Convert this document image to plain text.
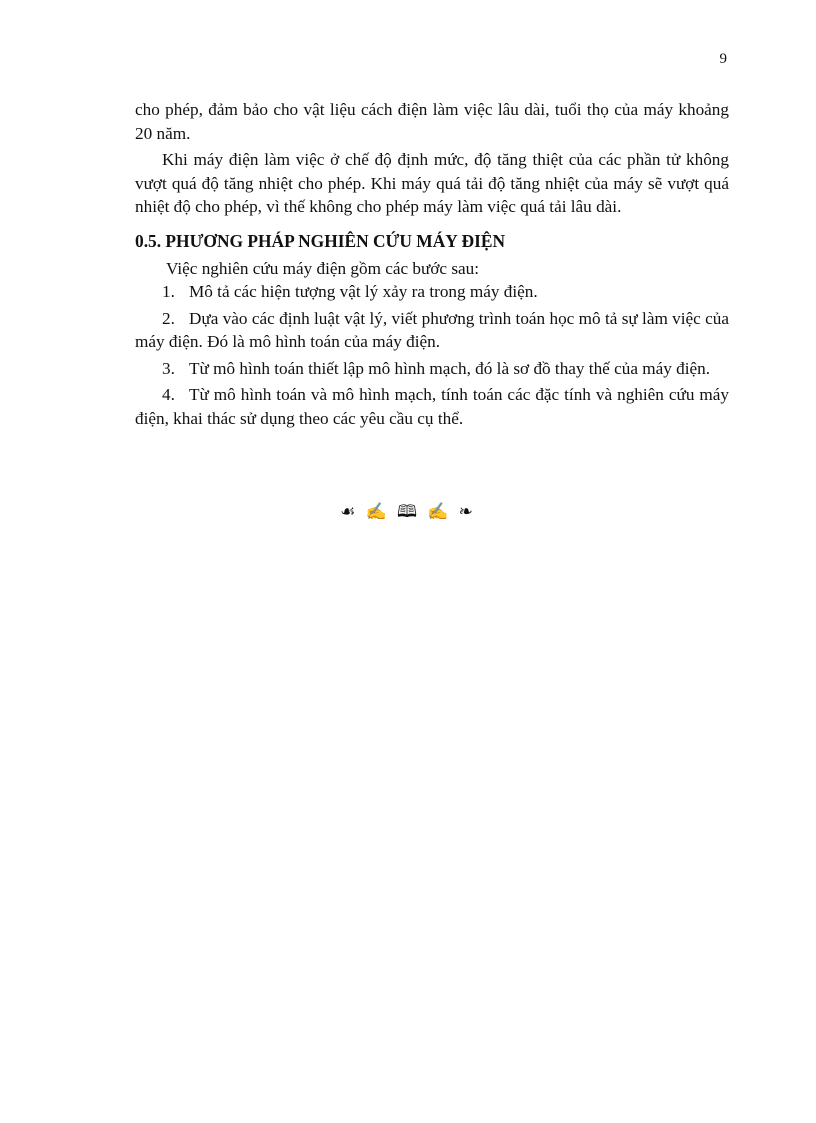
9

cho phép, đảm bảo cho vật liệu cách điện làm việc lâu dài, tuổi thọ của máy khoảng 20 năm.

Khi máy điện làm việc ở chế độ định mức, độ tăng thiệt của các phần tử không vượt quá độ tăng nhiệt cho phép. Khi máy quá tải độ tăng nhiệt của máy sẽ vượt quá nhiệt độ cho phép, vì thế không cho phép máy làm việc quá tải lâu dài.

0.5. PHƯƠNG PHÁP NGHIÊN CỨU MÁY ĐIỆN

Việc nghiên cứu máy điện gồm các bước sau:

1. Mô tả các hiện tượng vật lý xảy ra trong máy điện.

2. Dựa vào các định luật vật lý, viết phương trình toán học mô tả sự làm việc của máy điện. Đó là mô hình toán của máy điện.

3. Từ mô hình toán thiết lập mô hình mạch, đó là sơ đồ thay thế của máy điện.

4. Từ mô hình toán và mô hình mạch, tính toán các đặc tính và nghiên cứu máy điện, khai thác sử dụng theo các yêu cầu cụ thể.

☙ ✍ 🕮 ✍ ❧
